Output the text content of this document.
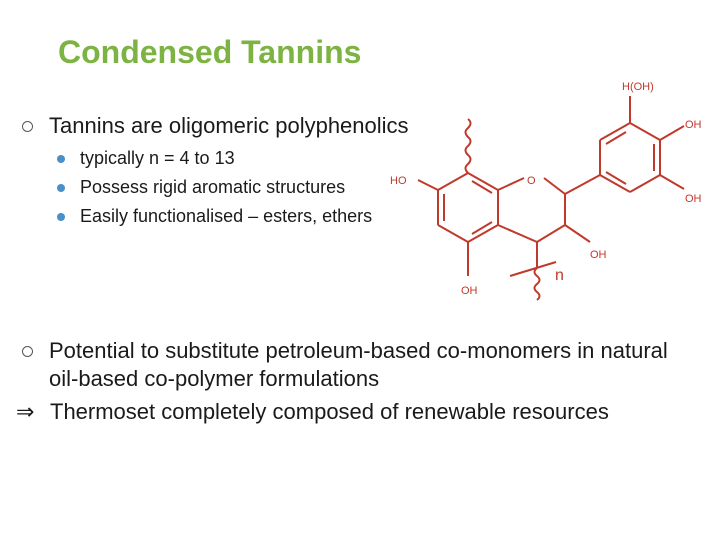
Condensed Tannins
Tannins are oligomeric polyphenolics
typically n = 4 to 13
Possess rigid aromatic structures
Easily functionalised – esters, ethers
H(OH)
OH
OH
HO	O
OH
OH
n
Potential to substitute petroleum-based co-monomers in natural oil-based co-polymer formulations
⇒ Thermoset completely composed of renewable resources
